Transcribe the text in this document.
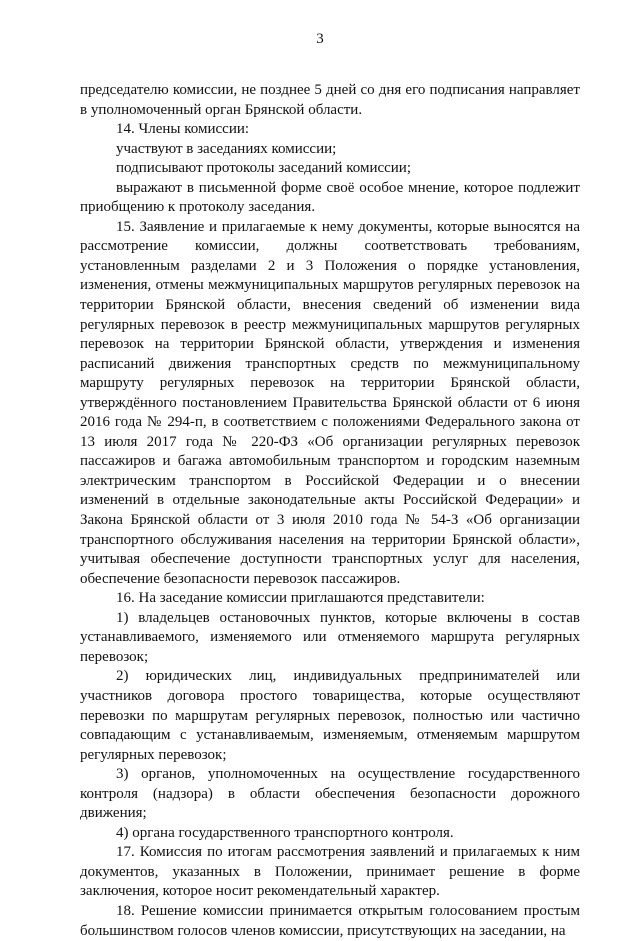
3

председателю комиссии, не позднее 5 дней со дня его подписания направляет в уполномоченный орган Брянской области.

14. Члены комиссии:

участвуют в заседаниях комиссии;

подписывают протоколы заседаний комиссии;

выражают в письменной форме своё особое мнение, которое подлежит приобщению к протоколу заседания.

15. Заявление и прилагаемые к нему документы, которые выносятся на рассмотрение комиссии, должны соответствовать требованиям, установленным разделами 2 и 3 Положения о порядке установления, изменения, отмены межмуниципальных маршрутов регулярных перевозок на территории Брянской области, внесения сведений об изменении вида регулярных перевозок в реестр межмуниципальных маршрутов регулярных перевозок на территории Брянской области, утверждения и изменения расписаний движения транспортных средств по межмуниципальному маршруту регулярных перевозок на территории Брянской области, утверждённого постановлением Правительства Брянской области от 6 июня 2016 года № 294-п, в соответствием с положениями Федерального закона от 13 июля 2017 года № 220-ФЗ «Об организации регулярных перевозок пассажиров и багажа автомобильным транспортом и городским наземным электрическим транспортом в Российской Федерации и о внесении изменений в отдельные законодательные акты Российской Федерации» и Закона Брянской области от 3 июля 2010 года № 54-З «Об организации транспортного обслуживания населения на территории Брянской области», учитывая обеспечение доступности транспортных услуг для населения, обеспечение безопасности перевозок пассажиров.

16. На заседание комиссии приглашаются представители:

1) владельцев остановочных пунктов, которые включены в состав устанавливаемого, изменяемого или отменяемого маршрута регулярных перевозок;

2) юридических лиц, индивидуальных предпринимателей или участников договора простого товарищества, которые осуществляют перевозки по маршрутам регулярных перевозок, полностью или частично совпадающим с устанавливаемым, изменяемым, отменяемым маршрутом регулярных перевозок;

3) органов, уполномоченных на осуществление государственного контроля (надзора) в области обеспечения безопасности дорожного движения;

4) органа государственного транспортного контроля.

17. Комиссия по итогам рассмотрения заявлений и прилагаемых к ним документов, указанных в Положении, принимает решение в форме заключения, которое носит рекомендательный характер.

18. Решение комиссии принимается открытым голосованием простым большинством голосов членов комиссии, присутствующих на заседании, на
